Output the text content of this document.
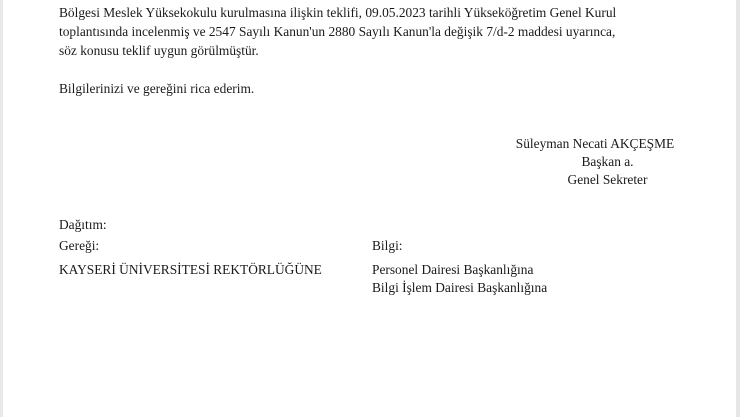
Bölgesi Meslek Yüksekokulu kurulmasına ilişkin teklifi, 09.05.2023 tarihli Yükseköğretim Genel Kurul
toplantısında incelenmiş ve 2547 Sayılı Kanun'un 2880 Sayılı Kanun'la değişik 7/d-2 maddesi uyarınca,
söz konusu teklif uygun görülmüştür.
Bilgilerinizi ve gereğini rica ederim.
Süleyman Necati AKÇEŞME
Başkan a.
Genel Sekreter
Dağıtım:
Gereği:
KAYSERİ ÜNİVERSİTESİ REKTÖRLÜĞÜNE
Bilgi:
Personel Dairesi Başkanlığına
Bilgi İşlem Dairesi Başkanlığına
